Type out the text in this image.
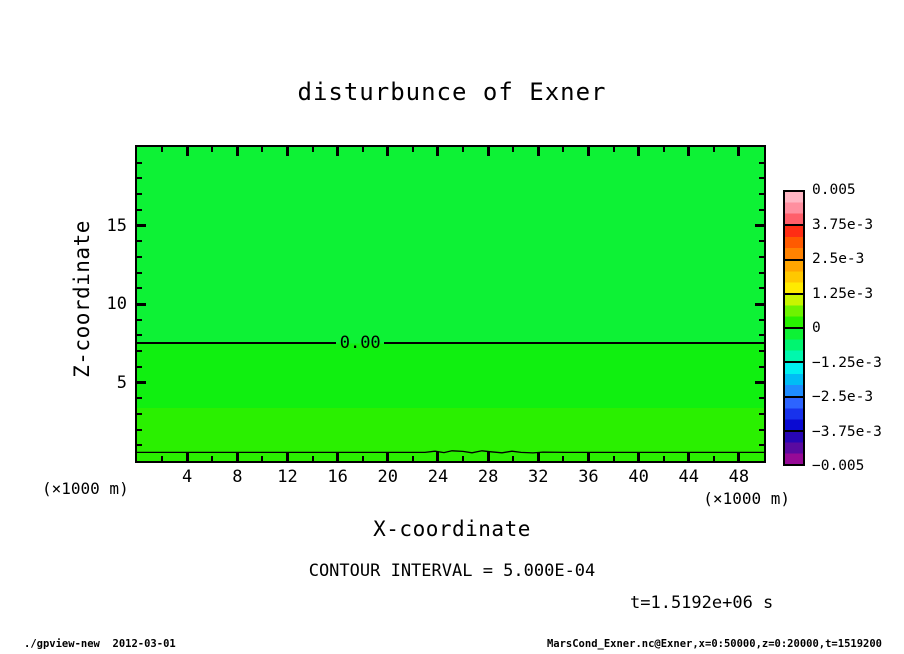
disturbunce of Exner
Z-coordinate	0.00
(×1000 m)
(×1000 m)
X-coordinate
CONTOUR INTERVAL = 5.000E-04
t=1.5192e+06 s
./gpview-new  2012-03-01	MarsCond_Exner.nc@Exner,x=0:50000,z=0:20000,t=1519200
4	8	12	16	20	24	28	32	36	40	44	48
5
10
15
0.005
3.75e-3
2.5e-3
1.25e-3
0
−1.25e-3
−2.5e-3
−3.75e-3
−0.005
